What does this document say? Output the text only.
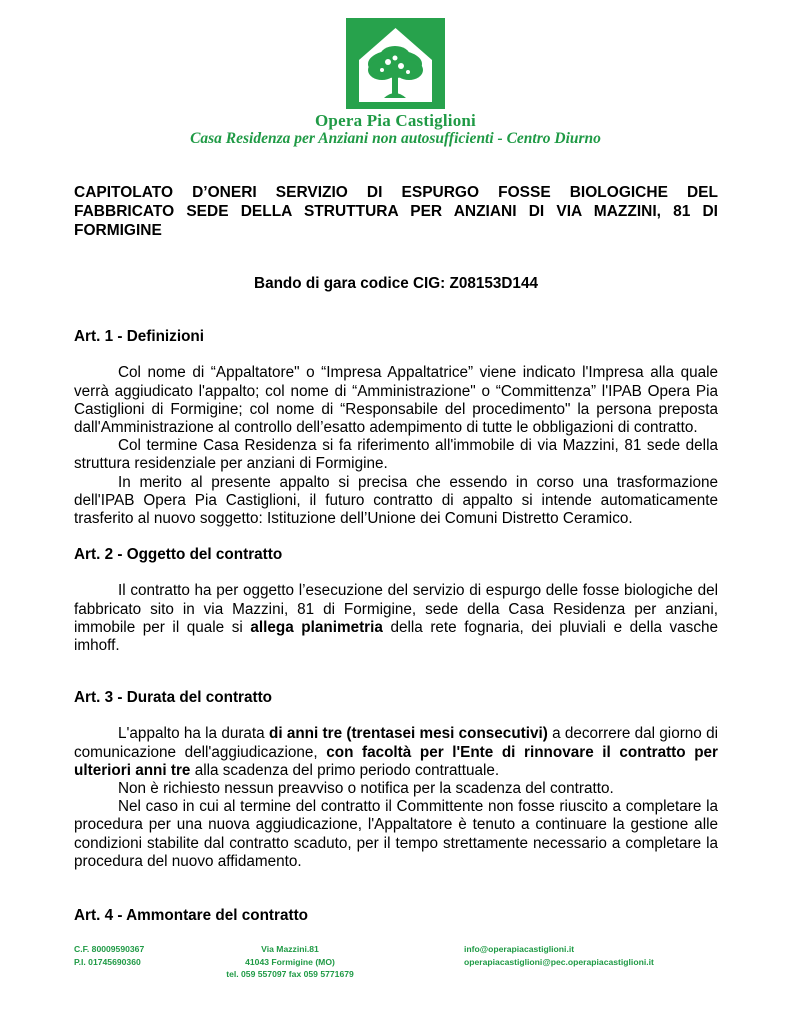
Opera Pia Castiglioni
Casa Residenza per Anziani non autosufficienti - Centro Diurno

CAPITOLATO D’ONERI SERVIZIO DI ESPURGO FOSSE BIOLOGICHE DEL FABBRICATO SEDE DELLA STRUTTURA PER ANZIANI DI VIA MAZZINI, 81 DI FORMIGINE

Bando di gara codice CIG: Z08153D144

Art. 1 - Definizioni

Col nome di “Appaltatore" o “Impresa Appaltatrice” viene indicato l'Impresa alla quale verrà aggiudicato l'appalto; col nome di “Amministrazione" o “Committenza” l'IPAB Opera Pia Castiglioni di Formigine; col nome di “Responsabile del procedimento" la persona preposta dall'Amministrazione al controllo dell’esatto adempimento di tutte le obbligazioni di contratto.

Col termine Casa Residenza si fa riferimento all'immobile di via Mazzini, 81 sede della struttura residenziale per anziani di Formigine.

In merito al presente appalto si precisa che essendo in corso una trasformazione dell'IPAB Opera Pia Castiglioni, il futuro contratto di appalto si intende automaticamente trasferito al nuovo soggetto: Istituzione dell’Unione dei Comuni Distretto Ceramico.

Art. 2 - Oggetto del contratto

Il contratto ha per oggetto l’esecuzione del servizio di espurgo delle fosse biologiche del fabbricato sito in via Mazzini, 81 di Formigine, sede della Casa Residenza per anziani, immobile per il quale si allega planimetria della rete fognaria, dei pluviali e della vasche imhoff.

Art. 3 - Durata del contratto

L'appalto ha la durata di anni tre (trentasei mesi consecutivi) a decorrere dal giorno di comunicazione dell'aggiudicazione, con facoltà per l'Ente di rinnovare il contratto per ulteriori anni tre alla scadenza del primo periodo contrattuale.

Non è richiesto nessun preavviso o notifica per la scadenza del contratto.

Nel caso in cui al termine del contratto il Committente non fosse riuscito a completare la procedura per una nuova aggiudicazione, l'Appaltatore è tenuto a continuare la gestione alle condizioni stabilite dal contratto scaduto, per il tempo strettamente necessario a completare la procedura del nuovo affidamento.

Art. 4 - Ammontare del contratto

C.F. 80009590367
P.I. 01745690360
Via Mazzini.81
41043 Formigine (MO)
tel. 059 557097 fax 059 5771679
info@operapiacastiglioni.it
operapiacastiglioni@pec.operapiacastiglioni.it
